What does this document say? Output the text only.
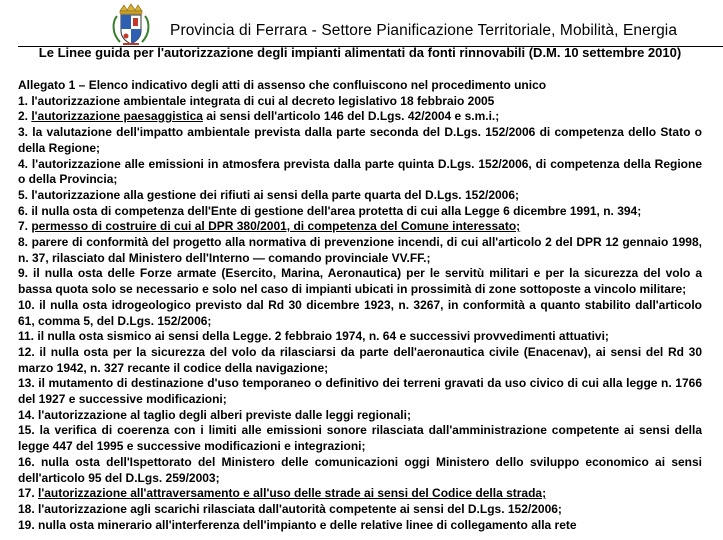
Provincia di Ferrara - Settore Pianificazione Territoriale, Mobilità, Energia
Le Linee guida per l'autorizzazione degli impianti alimentati da fonti rinnovabili (D.M. 10 settembre 2010)

Allegato 1 – Elenco indicativo degli atti di assenso che confluiscono nel procedimento unico

1. l'autorizzazione ambientale integrata di cui al decreto legislativo 18 febbraio 2005

2. l'autorizzazione paesaggistica ai sensi dell'articolo 146 del D.Lgs. 42/2004 e s.m.i.;

3. la valutazione dell'impatto ambientale prevista dalla parte seconda del D.Lgs. 152/2006 di competenza dello Stato o della Regione;

4. l'autorizzazione alle emissioni in atmosfera prevista dalla parte quinta D.Lgs. 152/2006, di competenza della Regione o della Provincia;

5. l'autorizzazione alla gestione dei rifiuti ai sensi della parte quarta del D.Lgs. 152/2006;

6. il nulla osta di competenza dell'Ente di gestione dell'area protetta di cui alla Legge 6 dicembre 1991, n. 394;

7. permesso di costruire di cui al DPR 380/2001, di competenza del Comune interessato;

8. parere di conformità del progetto alla normativa di prevenzione incendi, di cui all'articolo 2 del DPR 12 gennaio 1998, n. 37, rilasciato dal Ministero dell'Interno — comando provinciale VV.FF.;

9. il nulla osta delle Forze armate (Esercito, Marina, Aeronautica) per le servitù militari e per la sicurezza del volo a bassa quota solo se necessario e solo nel caso di impianti ubicati in prossimità di zone sottoposte a vincolo militare;

10. il nulla osta idrogeologico previsto dal Rd 30 dicembre 1923, n. 3267, in conformità a quanto stabilito dall'articolo 61, comma 5, del D.Lgs. 152/2006;

11. il nulla osta sismico ai sensi della Legge. 2 febbraio 1974, n. 64 e successivi provvedimenti attuativi;

12. il nulla osta per la sicurezza del volo da rilasciarsi da parte dell'aeronautica civile (Enacenav), ai sensi del Rd 30 marzo 1942, n. 327 recante il codice della navigazione;

13. il mutamento di destinazione d'uso temporaneo o definitivo dei terreni gravati da uso civico di cui alla legge n. 1766 del 1927 e successive modificazioni;

14. l'autorizzazione al taglio degli alberi previste dalle leggi regionali;

15. la verifica di coerenza con i limiti alle emissioni sonore rilasciata dall'amministrazione competente ai sensi della legge 447 del 1995 e successive modificazioni e integrazioni;

16. nulla osta dell'Ispettorato del Ministero delle comunicazioni oggi Ministero dello sviluppo economico ai sensi dell'articolo 95 del D.Lgs. 259/2003;

17. l'autorizzazione all'attraversamento e all'uso delle strade ai sensi del Codice della strada;

18. l'autorizzazione agli scarichi rilasciata dall'autorità competente ai sensi del D.Lgs. 152/2006;

19. nulla osta minerario all'interferenza dell'impianto e delle relative linee di collegamento alla rete
